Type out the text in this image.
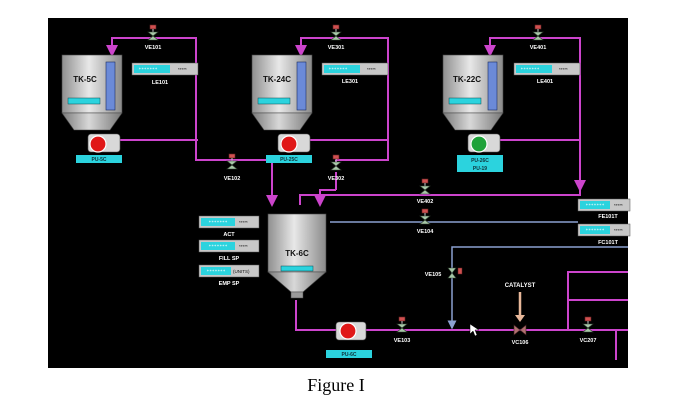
CATALYST
TK-5C	TK-24C	TK-22C
TK-6C
PU-5C	PU-25C	PU-26C
PU-19
PU-6C
VE101	VE301	VE401
VE102	VE302
VE402
VE104
VE105
VE103	VC106	VC207
*******	*****
LE101
*******	*****
LE301
*******	*****
LE401
******* *****
FE101T
******* *****
FC101T
*******	*****
ACT
*******	*****
FILL SP
******* (UNITS)
EMP SP
Figure I
